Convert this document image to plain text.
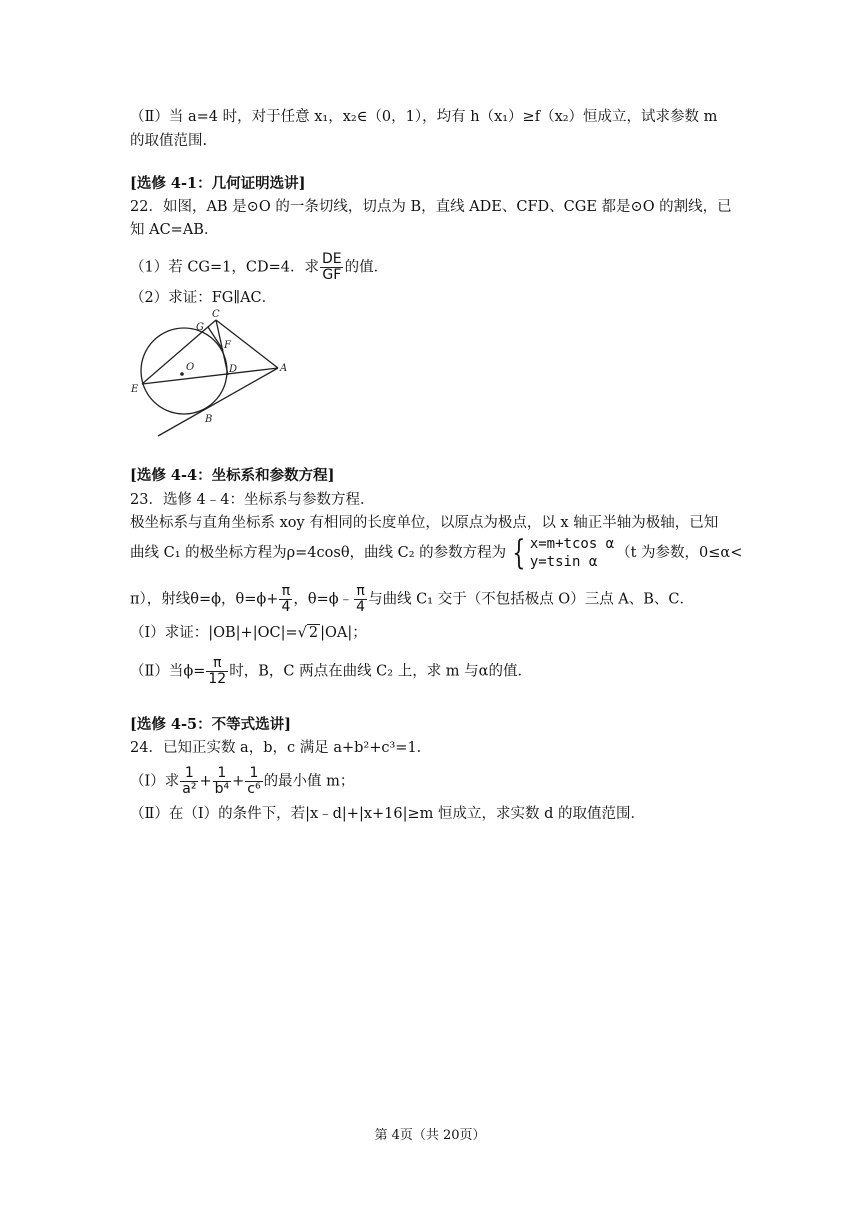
（Ⅱ）当 a=4 时，对于任意 x₁，x₂∈（0，1），均有 h（x₁）≥f（x₂）恒成立，试求参数 m
的取值范围.
[选修 4-1：几何证明选讲]
22．如图，AB 是⊙O 的一条切线，切点为 B，直线 ADE、CFD、CGE 都是⊙O 的割线，已
知 AC=AB．
（1）若 CG=1，CD=4．求 $\frac{DE}{GF}$ 的值．
（2）求证：FG∥AC．
C
G
F
O	D	A
E
B
[选修 4-4：坐标系和参数方程]
23．选修 4﹣4：坐标系与参数方程．
极坐标系与直角坐标系 xoy 有相同的长度单位，以原点为极点，以 x 轴正半轴为极轴，已知
曲线 C₁ 的极坐标方程为ρ=4cosθ，曲线 C₂ 的参数方程为 { x=m+tcos α
y=tsin α
（t 为参数，0≤α<
π），射线θ=ϕ，$\theta=\phi+ \frac{\pi}{4}$ ，θ=ϕ﹣ $\frac{\pi}{4}$ 与曲线 C₁ 交于（不包括极点 O）三点 A、B、C．
（I）求证：|OB|+|OC|=√ 2 |OA|；
（Ⅱ）当$\phi= \frac{\pi}{12}$ 时，B，C 两点在曲线 C₂ 上，求 m 与α的值．
[选修 4-5：不等式选讲]
24．已知正实数 a，b，c 满足 a+b²+c³=1．
（Ⅰ）求 $\frac{1}{\text{a²}} + \frac{1}{\text{b⁴}} + \frac{1}{\text{c⁶}}$ 的最小值 m；
（Ⅱ）在（Ⅰ）的条件下，若|x﹣d|+|x+16|≥m 恒成立，求实数 d 的取值范围．
第 4页（共 20页）
